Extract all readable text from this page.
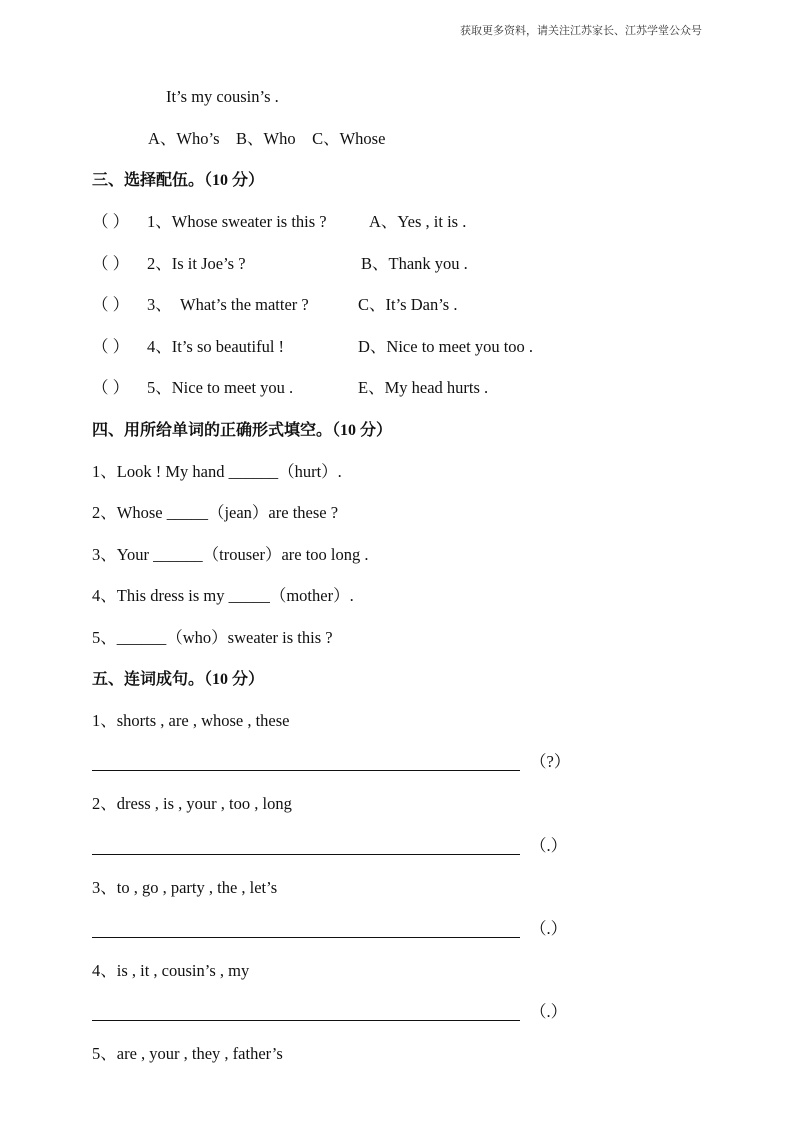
获取更多资料，请关注江苏家长、江苏学堂公众号
It’s my cousin’s .
A、Who’s    B、Who    C、Whose
三、选择配伍。（10 分）
（ ） 1、Whose sweater is this ?	A、Yes , it is .
（ ） 2、Is it Joe’s ?	B、Thank you .
（ ） 3、  What’s the matter ?	C、It’s Dan’s .
（ ） 4、It’s so beautiful !	D、Nice to meet you too .
（ ） 5、Nice to meet you .	E、My head hurts .
四、用所给单词的正确形式填空。（10 分）
1、Look ! My hand ______（hurt）.
2、Whose _____（jean）are these ?
3、Your ______（trouser）are too long .
4、This dress is my _____（mother）.
5、______（who）sweater is this ?
五、连词成句。（10 分）
1、shorts , are , whose , these
（?）
2、dress , is , your , too , long
（.）
3、to , go , party , the , let’s
（.）
4、is , it , cousin’s , my
（.）
5、are , your , they , father’s
